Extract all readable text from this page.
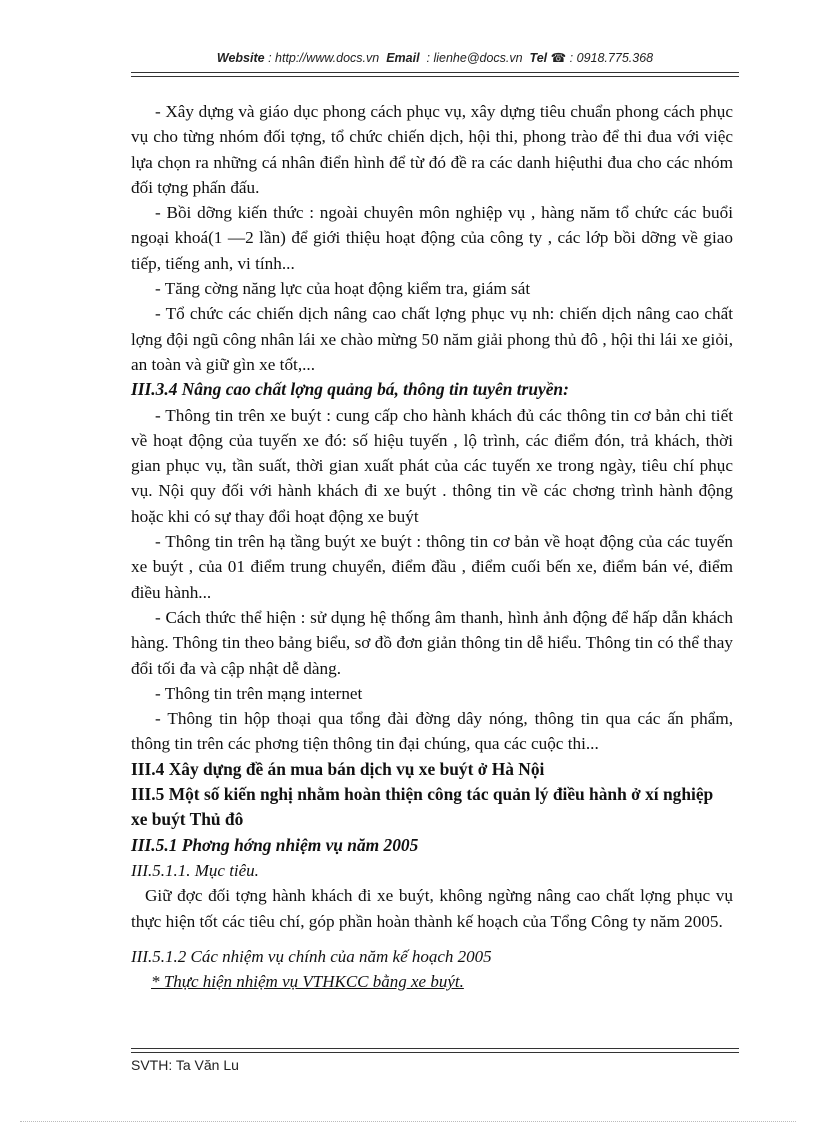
Website : http://www.docs.vn Email : lienhe@docs.vn Tel ☎ : 0918.775.368

- Xây dựng và giáo dục phong cách phục vụ, xây dựng tiêu chuẩn phong cách phục vụ cho từng nhóm đối tợng, tổ chức chiến dịch, hội thi, phong trào để thi đua với việc lựa chọn ra những cá nhân điển hình để từ đó đề ra các danh hiệuthi đua cho các nhóm đối tợng phấn đấu.

- Bồi dỡng kiến thức : ngoài chuyên môn nghiệp vụ , hàng năm tổ chức các buổi ngoại khoá(1 —2 lần) để giới thiệu hoạt động của công ty , các lớp bồi dỡng về giao tiếp, tiếng anh, vi tính...

- Tăng cờng năng lực của hoạt động kiểm tra, giám sát

- Tổ chức các chiến dịch nâng cao chất lợng phục vụ nh: chiến dịch nâng cao chất lợng đội ngũ công nhân lái xe chào mừng 50 năm giải phong thủ đô , hội thi lái xe giỏi, an toàn và giữ gìn xe tốt,...

III.3.4 Nâng cao chất lợng quảng bá, thông tin tuyên truyền:

- Thông tin trên xe buýt : cung cấp cho hành khách đủ các thông tin cơ bản chi tiết về hoạt động của tuyến xe đó: số hiệu tuyến , lộ trình, các điểm đón, trả khách, thời gian phục vụ, tần suất, thời gian xuất phát của các tuyến xe trong ngày, tiêu chí phục vụ. Nội quy đối với hành khách đi xe buýt . thông tin về các chơng trình hành động hoặc khi có sự thay đổi hoạt động xe buýt

- Thông tin trên hạ tầng buýt xe buýt : thông tin cơ bản về hoạt động của các tuyến xe buýt , của 01 điểm trung chuyển, điểm đầu , điểm cuối bến xe, điểm bán vé, điểm điều hành...

- Cách thức thể hiện : sử dụng hệ thống âm thanh, hình ảnh động để hấp dẫn khách hàng. Thông tin theo bảng biểu, sơ đồ đơn giản thông tin dễ hiểu. Thông tin có thể thay đổi tối đa và cập nhật dễ dàng.

- Thông tin trên mạng internet

- Thông tin hộp thoại qua tổng đài đờng dây nóng, thông tin qua các ấn phẩm, thông tin trên các phơng tiện thông tin đại chúng, qua các cuộc thi...

III.4 Xây dựng đề án mua bán dịch vụ xe buýt ở Hà Nội

III.5 Một số kiến nghị nhằm hoàn thiện công tác quản lý điều hành ở xí nghiệp xe buýt Thủ đô

III.5.1 Phơng hớng nhiệm vụ năm 2005

III.5.1.1. Mục tiêu.

Giữ đợc đối tợng hành khách đi xe buýt, không ngừng nâng cao chất lợng phục vụ thực hiện tốt các tiêu chí, góp phần hoàn thành kế hoạch của Tổng Công ty năm 2005.

III.5.1.2 Các nhiệm vụ chính của năm kế hoạch 2005

* Thực hiện nhiệm vụ VTHKCC bằng xe buýt.

SVTH: Ta Văn Lu
